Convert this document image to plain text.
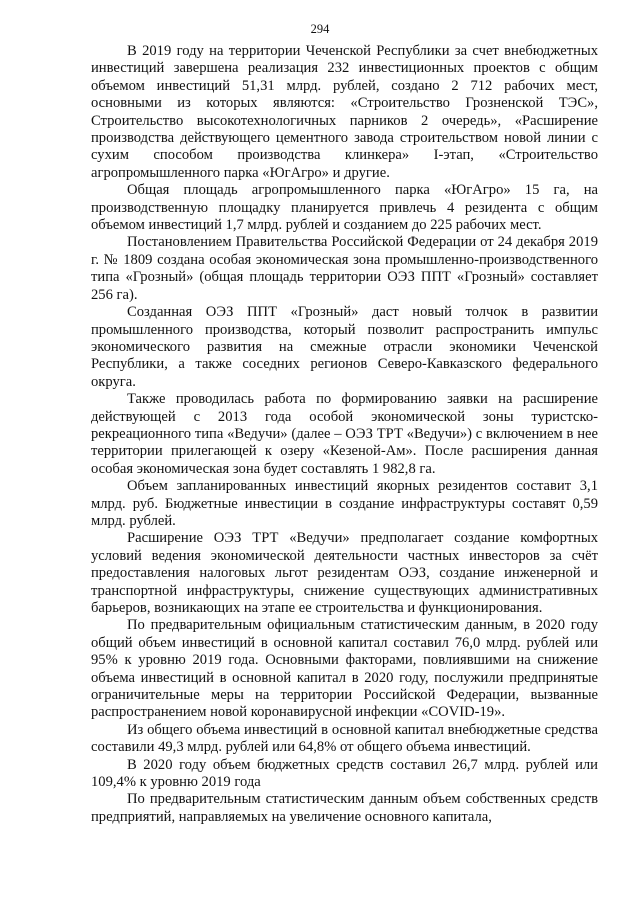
294

В 2019 году на территории Чеченской Республики за счет внебюджетных инвестиций завершена реализация 232 инвестиционных проектов с общим объемом инвестиций 51,31 млрд. рублей, создано 2 712 рабочих мест, основными из которых являются: «Строительство Грозненской ТЭС», Строительство высокотехнологичных парников 2 очередь», «Расширение производства действующего цементного завода строительством новой линии с сухим способом производства клинкера» I-этап, «Строительство агропромышленного парка «ЮгАгро» и другие.

Общая площадь агропромышленного парка «ЮгАгро» 15 га, на производственную площадку планируется привлечь 4 резидента с общим объемом инвестиций 1,7 млрд. рублей и созданием до 225 рабочих мест.

Постановлением Правительства Российской Федерации от 24 декабря 2019 г. № 1809 создана особая экономическая зона промышленно-производственного типа «Грозный» (общая площадь территории ОЭЗ ППТ «Грозный» составляет 256 га).

Созданная ОЭЗ ППТ «Грозный» даст новый толчок в развитии промышленного производства, который позволит распространить импульс экономического развития на смежные отрасли экономики Чеченской Республики, а также соседних регионов Северо-Кавказского федерального округа.

Также проводилась работа по формированию заявки на расширение действующей с 2013 года особой экономической зоны туристско-рекреационного типа «Ведучи» (далее – ОЭЗ ТРТ «Ведучи») с включением в нее территории прилегающей к озеру «Кезеной-Ам». После расширения данная особая экономическая зона будет составлять 1 982,8 га.

Объем запланированных инвестиций якорных резидентов составит 3,1 млрд. руб. Бюджетные инвестиции в создание инфраструктуры составят 0,59 млрд. рублей.

Расширение ОЭЗ ТРТ «Ведучи» предполагает создание комфортных условий ведения экономической деятельности частных инвесторов за счёт предоставления налоговых льгот резидентам ОЭЗ, создание инженерной и транспортной инфраструктуры, снижение существующих административных барьеров, возникающих на этапе ее строительства и функционирования.

По предварительным официальным статистическим данным, в 2020 году общий объем инвестиций в основной капитал составил 76,0 млрд. рублей или 95% к уровню 2019 года. Основными факторами, повлиявшими на снижение объема инвестиций в основной капитал в 2020 году, послужили предпринятые ограничительные меры на территории Российской Федерации, вызванные распространением новой коронавирусной инфекции «COVID-19».

Из общего объема инвестиций в основной капитал внебюджетные средства составили 49,3 млрд. рублей или 64,8% от общего объема инвестиций.

В 2020 году объем бюджетных средств составил 26,7 млрд. рублей или 109,4% к уровню 2019 года

По предварительным статистическим данным объем собственных средств предприятий, направляемых на увеличение основного капитала,
